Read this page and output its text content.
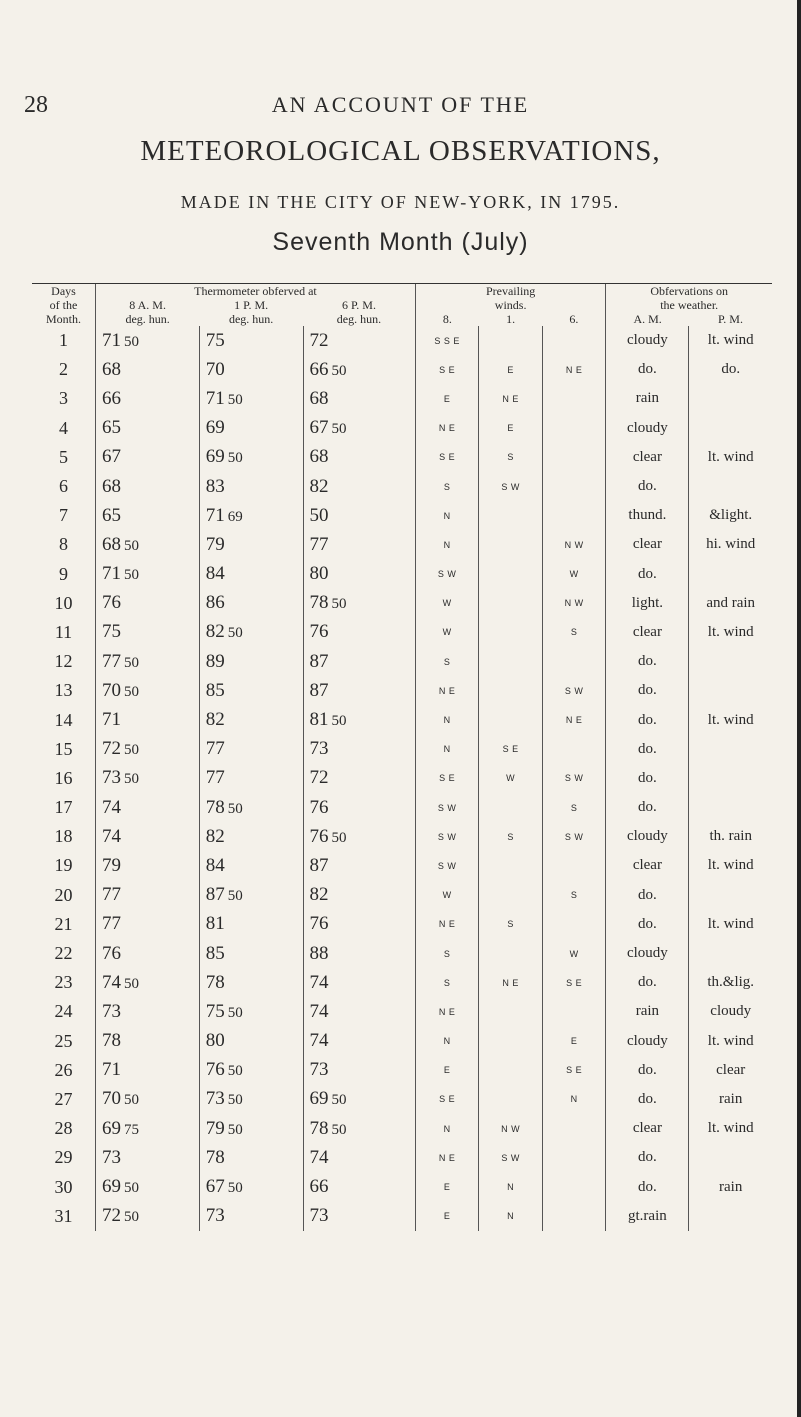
28	AN ACCOUNT OF THE
METEOROLOGICAL OBSERVATIONS,
MADE IN THE CITY OF NEW-YORK, IN 1795.
Seventh Month (July)
Days	Thermometer obferved at			Prevailing			Obfervations on	
of the	8 A. M.	1 P. M.	6 P. M.	winds.			the weather.	
Month.	deg. hun.	deg. hun.	deg. hun.	8.	1.	6.	A. M.	P. M.
1	71 50	75	72	S S E			cloudy	lt. wind
2	68	70	66 50	S E	E	N E	do.	do.
3	66	71 50	68	E	N E		rain	
4	65	69	67 50	N E	E		cloudy	
5	67	69 50	68	S E	S		clear	lt. wind
6	68	83	82	S	S W		do.	
7	65	71 69	50	N			thund.	&light.
8	68 50	79	77	N		N W	clear	hi. wind
9	71 50	84	80	S W		W	do.	
10	76	86	78 50	W		N W	light.	and rain
11	75	82 50	76	W		S	clear	lt. wind
12	77 50	89	87	S			do.	
13	70 50	85	87	N E		S W	do.	
14	71	82	81 50	N		N E	do.	lt. wind
15	72 50	77	73	N	S E		do.	
16	73 50	77	72	S E	W	S W	do.	
17	74	78 50	76	S W		S	do.	
18	74	82	76 50	S W	S	S W	cloudy	th. rain
19	79	84	87	S W			clear	lt. wind
20	77	87 50	82	W		S	do.	
21	77	81	76	N E	S		do.	lt. wind
22	76	85	88	S		W	cloudy	
23	74 50	78	74	S	N E	S E	do.	th.&lig.
24	73	75 50	74	N E			rain	cloudy
25	78	80	74	N		E	cloudy	lt. wind
26	71	76 50	73	E		S E	do.	clear
27	70 50	73 50	69 50	S E		N	do.	rain
28	69 75	79 50	78 50	N	N W		clear	lt. wind
29	73	78	74	N E	S W		do.	
30	69 50	67 50	66	E	N		do.	rain
31	72 50	73	73	E	N		gt.rain	
